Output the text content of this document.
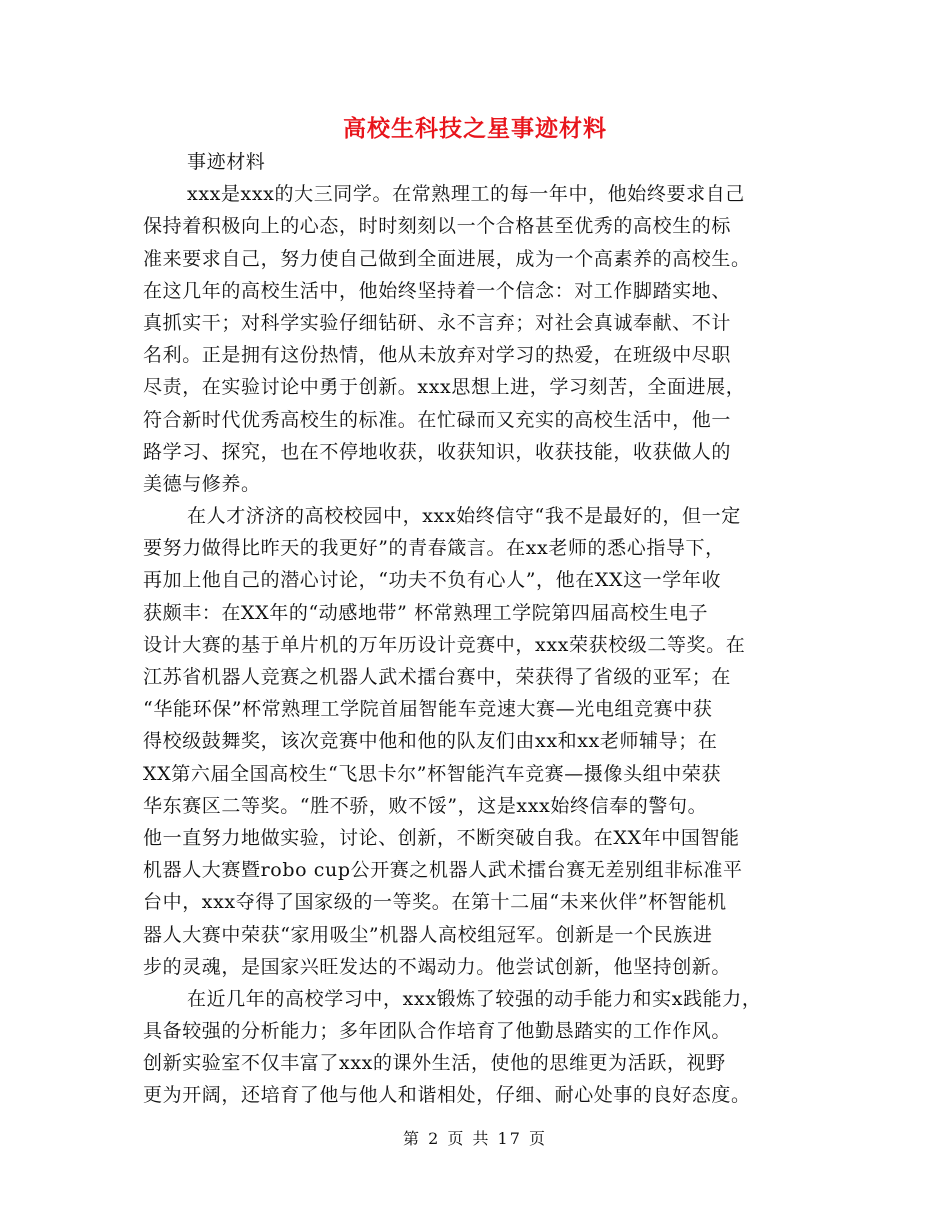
高校生科技之星事迹材料
事迹材料
xxx是xxx的大三同学。在常熟理工的每一年中，他始终要求自己
保持着积极向上的心态，时时刻刻以一个合格甚至优秀的高校生的标
准来要求自己，努力使自己做到全面进展，成为一个高素养的高校生。
在这几年的高校生活中，他始终坚持着一个信念：对工作脚踏实地、
真抓实干；对科学实验仔细钻研、永不言弃；对社会真诚奉献、不计
名利。正是拥有这份热情，他从未放弃对学习的热爱，在班级中尽职
尽责，在实验讨论中勇于创新。xxx思想上进，学习刻苦，全面进展，
符合新时代优秀高校生的标准。在忙碌而又充实的高校生活中，他一
路学习、探究，也在不停地收获，收获知识，收获技能，收获做人的
美德与修养。
在人才济济的高校校园中，xxx始终信守“我不是最好的，但一定
要努力做得比昨天的我更好”的青春箴言。在xx老师的悉心指导下，
再加上他自己的潜心讨论，“功夫不负有心人”，他在XX这一学年收
获颇丰：在XX年的“动感地带” 杯常熟理工学院第四届高校生电子
设计大赛的基于单片机的万年历设计竞赛中，xxx荣获校级二等奖。在
江苏省机器人竞赛之机器人武术擂台赛中，荣获得了省级的亚军；在
“华能环保”杯常熟理工学院首届智能车竞速大赛—光电组竞赛中获
得校级鼓舞奖，该次竞赛中他和他的队友们由xx和xx老师辅导；在
XX第六届全国高校生“飞思卡尔”杯智能汽车竞赛—摄像头组中荣获
华东赛区二等奖。“胜不骄，败不馁”，这是xxx始终信奉的警句。
他一直努力地做实验，讨论、创新，不断突破自我。在XX年中国智能
机器人大赛暨robo cup公开赛之机器人武术擂台赛无差别组非标准平
台中，xxx夺得了国家级的一等奖。在第十二届“未来伙伴”杯智能机
器人大赛中荣获“家用吸尘”机器人高校组冠军。创新是一个民族进
步的灵魂，是国家兴旺发达的不竭动力。他尝试创新，他坚持创新。
在近几年的高校学习中，xxx锻炼了较强的动手能力和实x践能力，
具备较强的分析能力；多年团队合作培育了他勤恳踏实的工作作风。
创新实验室不仅丰富了xxx的课外生活，使他的思维更为活跃，视野
更为开阔，还培育了他与他人和谐相处，仔细、耐心处事的良好态度。
第 2 页 共 17 页
